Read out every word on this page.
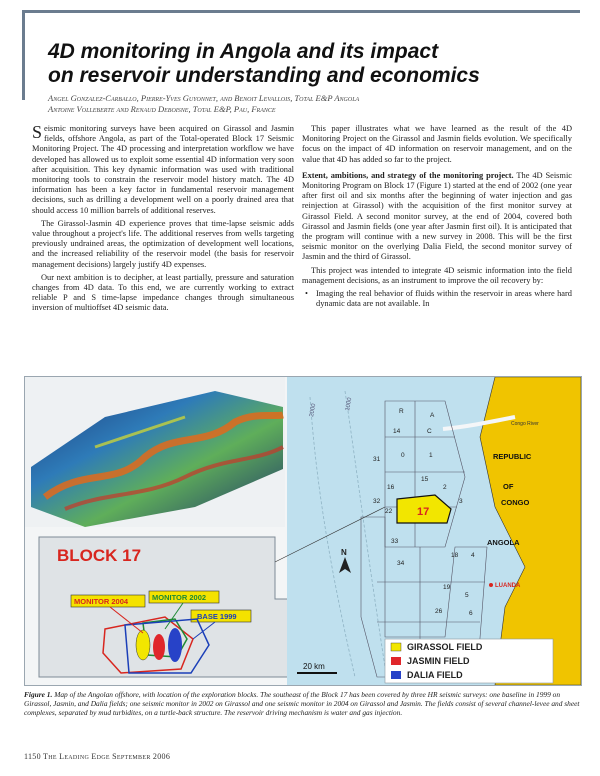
4D monitoring in Angola and its impact
on reservoir understanding and economics
Angel Gonzalez-Carballo, Pierre-Yves Guyonnet, and Benoit Levallois, Total E&P Angola
Antoine Volleberte and Renaud Deboisne, Total E&P, Pau, France

Seismic monitoring surveys have been acquired on Girassol and Jasmin fields, offshore Angola, as part of the Total-operated Block 17 Seismic Monitoring Project. The 4D processing and interpretation workflow we have developed has allowed us to exploit some essential 4D information very soon after acquisition. This key dynamic information was used with traditional monitoring tools to constrain the reservoir model history match. The 4D information has been a key factor in fundamental reservoir management decisions, such as drilling a development well on a poorly drained area that should access 10 million barrels of additional reserves.

The Girassol-Jasmin 4D experience proves that time-lapse seismic adds value throughout a project's life. The additional reserves from wells targeting previously undrained areas, the optimization of development well locations, and the increased reliability of the reservoir model (the basis for reservoir management decisions) largely justify 4D expenses.

Our next ambition is to decipher, at least partially, pressure and saturation changes from 4D data. To this end, we are currently working to extract reliable P and S time-lapse impedance changes through simultaneous inversion of multioffset 4D seismic data.

This paper illustrates what we have learned as the result of the 4D Monitoring Project on the Girassol and Jasmin fields evolution. We specifically focus on the impact of 4D information on reservoir management, and on the value that 4D has added so far to the project.

Extent, ambitions, and strategy of the monitoring project. The 4D Seismic Monitoring Program on Block 17 (Figure 1) started at the end of 2002 (one year after first oil and six months after the beginning of water injection and gas reinjection at Girassol) with the acquisition of the first monitor survey at Girassol Field. A second monitor survey, at the end of 2004, covered both Girassol and Jasmin fields (one year after Jasmin first oil). It is anticipated that the program will continue with a new survey in 2008. This will be the first seismic monitor on the overlying Dalia Field, the second monitor survey of Jasmin and the third of Girassol.

This project was intended to integrate 4D seismic information into the field management decisions, as an instrument to improve the oil recovery by:

• Imaging the real behavior of fluids within the reservoir in areas where hard dynamic data are not available. In

BLOCK 17
MONITOR 2004	MONITOR 2002
BASE 1999
Congo River
2000	1000
17
R
A
14	C
0	1
2
15
16
31
32
22
3
33
34
18 4
19
5
26	6
REPUBLIC
OF
CONGO
ANGOLA
LUANDA
N
20 km
GIRASSOL FIELD
JASMIN FIELD
DALIA FIELD
Figure 1. Map of the Angolan offshore, with location of the exploration blocks. The southeast of the Block 17 has been covered by three HR seismic surveys: one baseline in 1999 on Girassol, Jasmin, and Dalia fields; one seismic monitor in 2002 on Girassol and one seismic monitor in 2004 on Girassol and Jasmin. The fields consist of several channel-levee and sheet complexes, separated by mud turbidites, on a turtle-back structure. The reservoir driving mechanism is water and gas injection.
1150 The Leading Edge September 2006
